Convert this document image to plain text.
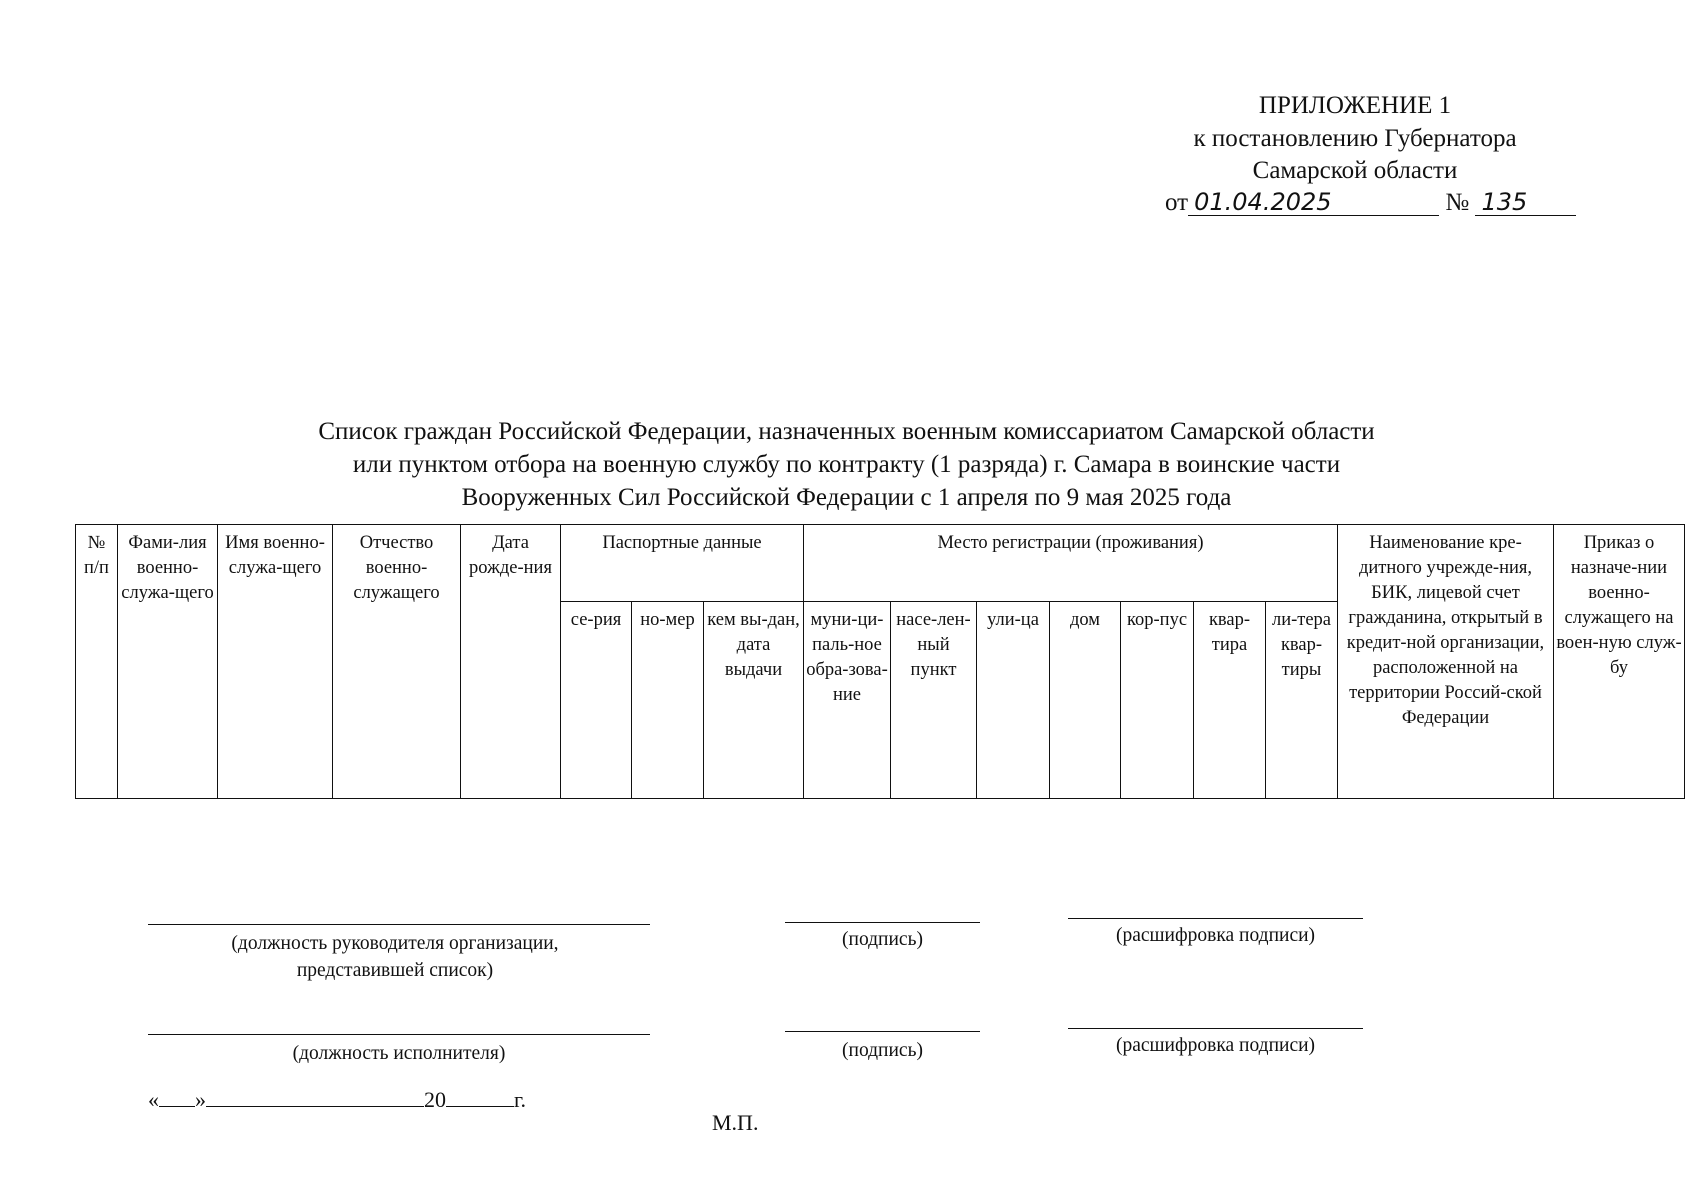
ПРИЛОЖЕНИЕ 1
к постановлению Губернатора
Самарской области
от 01.04.2025	№ 135
Список граждан Российской Федерации, назначенных военным комиссариатом Самарской области
или пунктом отбора на военную службу по контракту (1 разряда) г. Самара в воинские части
Вооруженных Сил Российской Федерации с 1 апреля по 9 мая 2025 года
№ п/п	Фами-лия военно-служа-щего	Имя военно-служа-щего	Отчество военно-служащего	Дата рожде-ния	Паспортные данные			Место регистрации (проживания)							Наименование кре-дитного учрежде-ния, БИК, лицевой счет гражданина, открытый в кредит-ной организации, расположенной на территории Россий-ской Федерации	Приказ о назначе-нии военно-служащего на воен-ную служ-бу
					се-рия	но-мер	кем вы-дан, дата выдачи	муни-ци-паль-ное обра-зова-ние	насе-лен-ный пункт	ули-ца	дом	кор-пус	квар-тира	ли-тера квар-тиры		
(должность руководителя организации, представившей список)
(подпись)	(расшифровка подписи)
(должность исполнителя)	(подпись)	(расшифровка подписи)
« »	20	г.
М.П.
